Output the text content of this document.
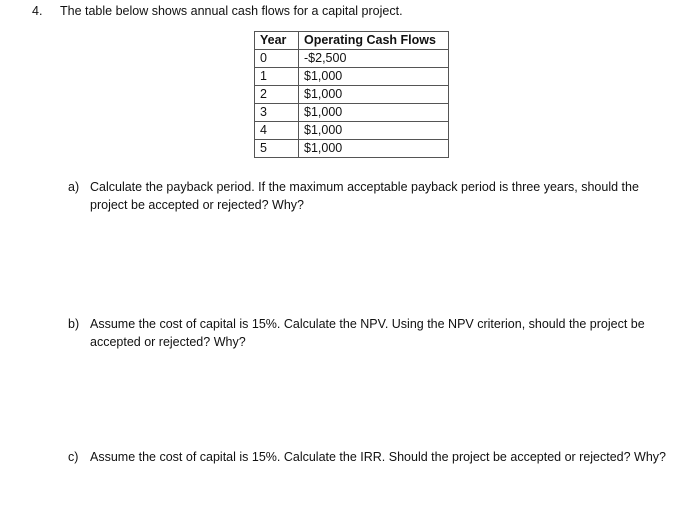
4. The table below shows annual cash flows for a capital project.
Year	Operating Cash Flows
0	-$2,500
1	$1,000
2	$1,000
3	$1,000
4	$1,000
5	$1,000
a) Calculate the payback period. If the maximum acceptable payback period is three years, should the project be accepted or rejected? Why?
b) Assume the cost of capital is 15%. Calculate the NPV. Using the NPV criterion, should the project be accepted or rejected? Why?
c) Assume the cost of capital is 15%. Calculate the IRR. Should the project be accepted or rejected? Why?
